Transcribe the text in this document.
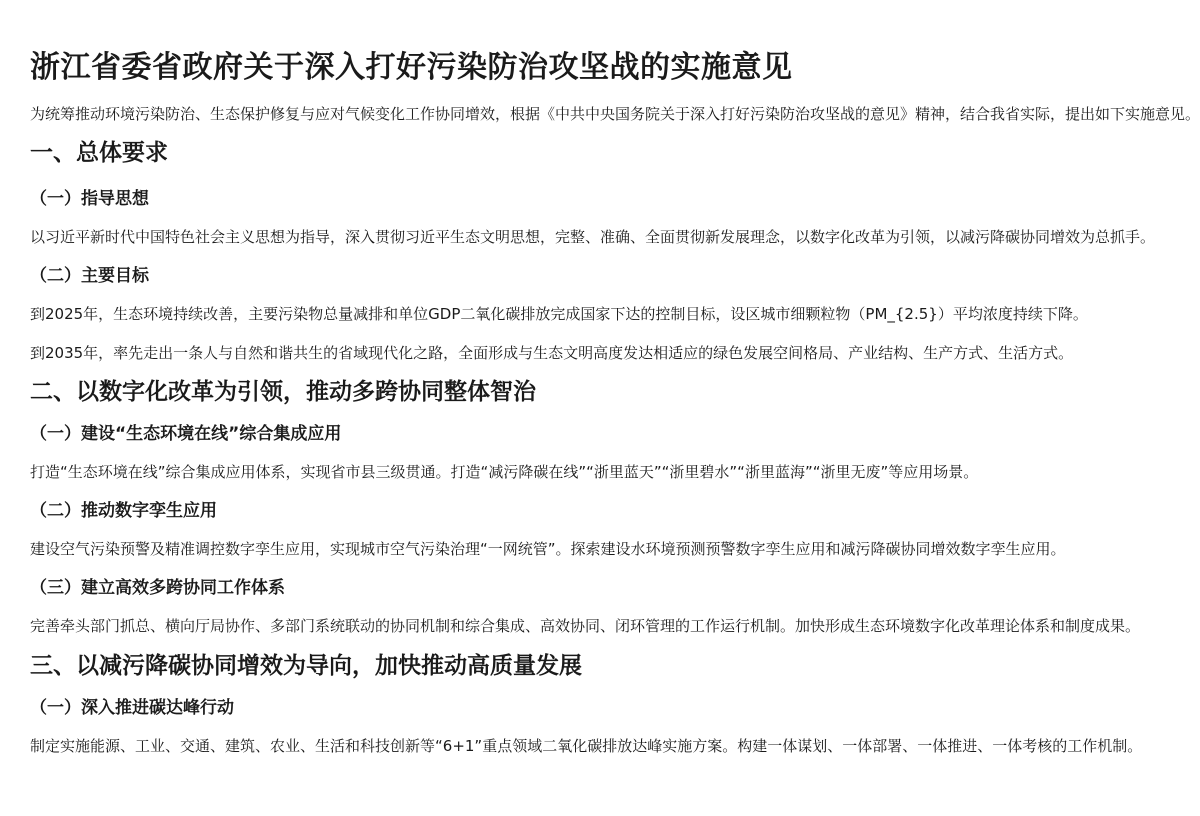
浙江省委省政府关于深入打好污染防治攻坚战的实施意见

为统筹推动环境污染防治、生态保护修复与应对气候变化工作协同增效，根据《中共中央国务院关于深入打好污染防治攻坚战的意见》精神，结合我省实际，提出如下实施意见。

一、总体要求
（一）指导思想

以习近平新时代中国特色社会主义思想为指导，深入贯彻习近平生态文明思想，完整、准确、全面贯彻新发展理念，以数字化改革为引领，以减污降碳协同增效为总抓手。

（二）主要目标

到2025年，生态环境持续改善，主要污染物总量减排和单位GDP二氧化碳排放完成国家下达的控制目标，设区城市细颗粒物（PM_{2.5}）平均浓度持续下降。

到2035年，率先走出一条人与自然和谐共生的省域现代化之路，全面形成与生态文明高度发达相适应的绿色发展空间格局、产业结构、生产方式、生活方式。

二、以数字化改革为引领，推动多跨协同整体智治
（一）建设“生态环境在线”综合集成应用

打造“生态环境在线”综合集成应用体系，实现省市县三级贯通。打造“减污降碳在线”“浙里蓝天”“浙里碧水”“浙里蓝海”“浙里无废”等应用场景。

（二）推动数字孪生应用

建设空气污染预警及精准调控数字孪生应用，实现城市空气污染治理“一网统管”。探索建设水环境预测预警数字孪生应用和减污降碳协同增效数字孪生应用。

（三）建立高效多跨协同工作体系

完善牵头部门抓总、横向厅局协作、多部门系统联动的协同机制和综合集成、高效协同、闭环管理的工作运行机制。加快形成生态环境数字化改革理论体系和制度成果。

三、以减污降碳协同增效为导向，加快推动高质量发展
（一）深入推进碳达峰行动

制定实施能源、工业、交通、建筑、农业、生活和科技创新等“6+1”重点领域二氧化碳排放达峰实施方案。构建一体谋划、一体部署、一体推进、一体考核的工作机制。
